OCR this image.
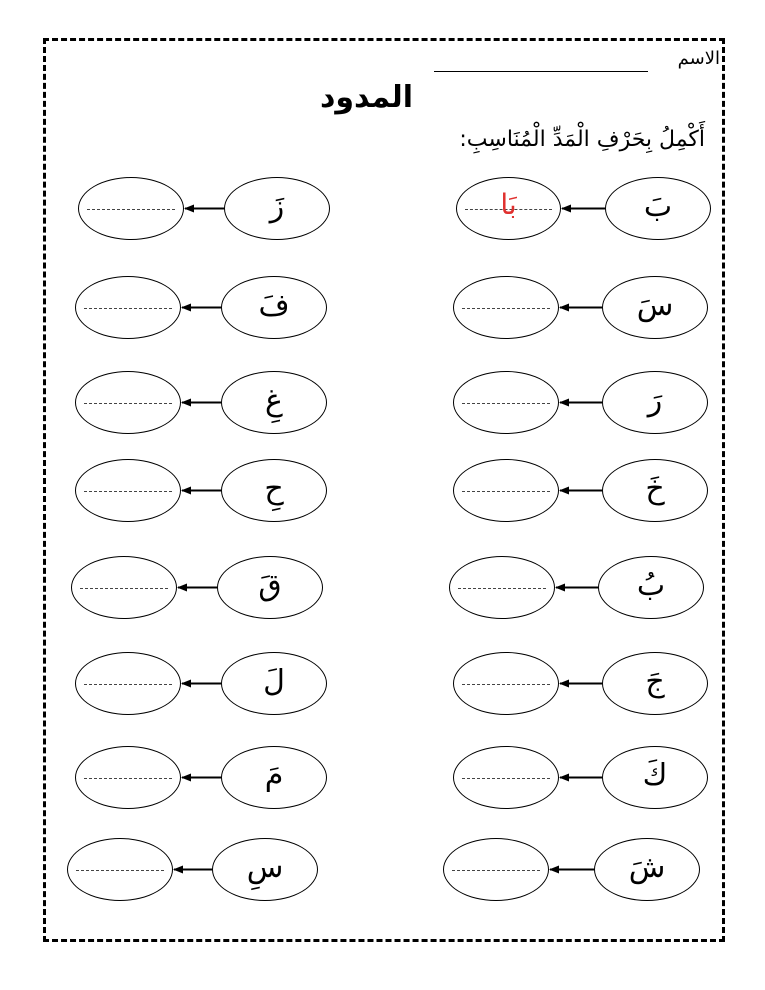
الاسم
المدود
أَكْمِلُ بِحَرْفِ الْمَدِّ الْمُنَاسِبِ:
بَ
بَا
سَ
رَ
خَ
بُ
جَ
كَ
شَ
زَ
فَ
غِ
حِ
قَ
لَ
مَ
سِ
